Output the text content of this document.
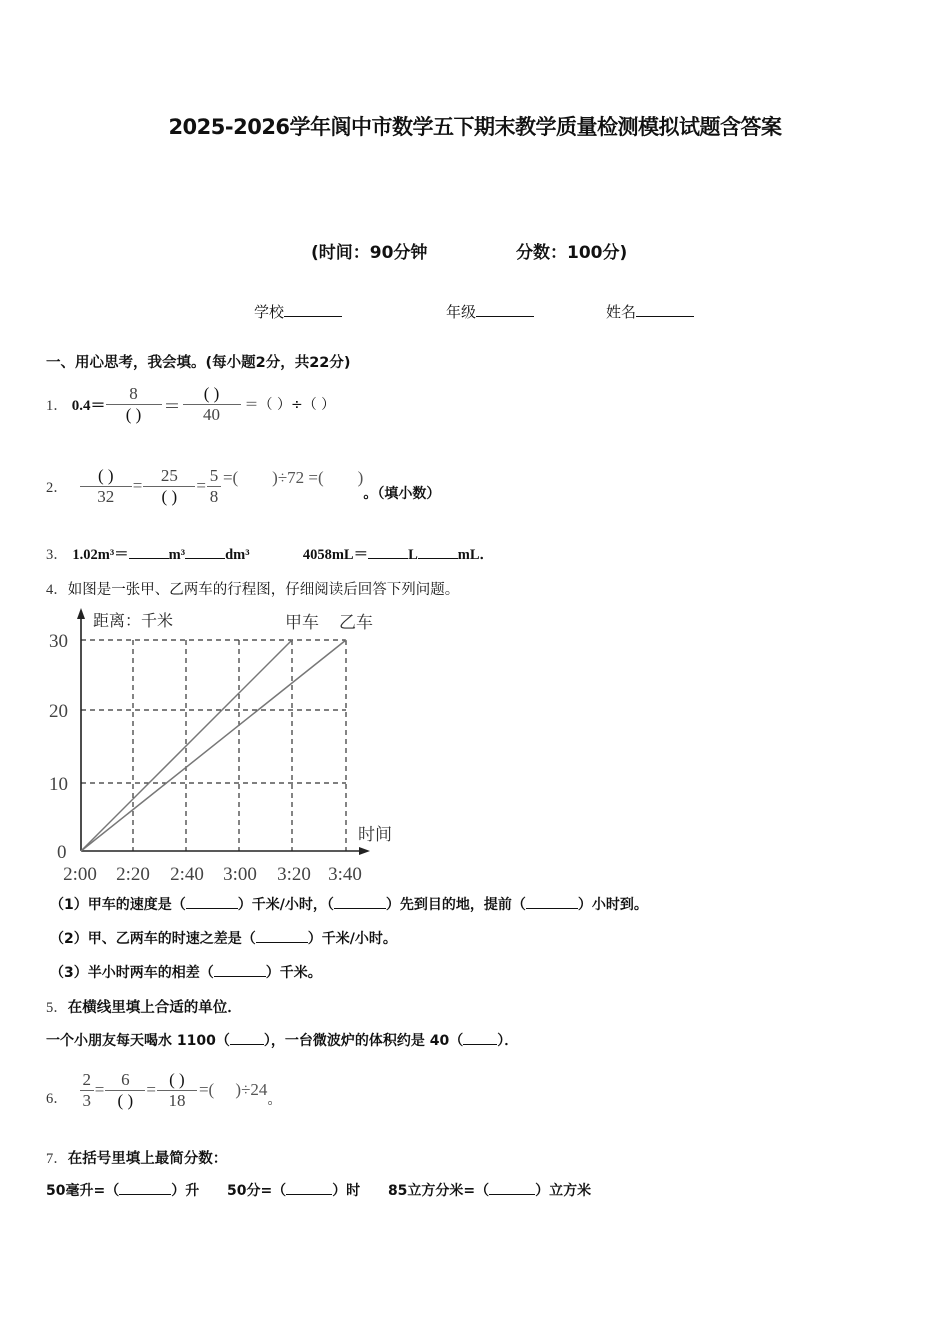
2025-2026学年阆中市数学五下期末教学质量检测模拟试题含答案
(时间：90分钟	分数：100分)
学校	年级	姓名
一、用心思考，我会填。(每小题2分，共22分)
1． $0.4= \frac{8}{( )} = \frac{( )}{40}$ ＝（ ）÷（ ）
2． $\frac{( )}{32} = \frac{25}{( )} = \frac{5}{8}$ =(        )÷72 =(        )
。（填小数）
3． 1.02m³＝	m³	dm³	4058mL＝	L	mL．
4．如图是一张甲、乙两车的行程图，仔细阅读后回答下列问题。
距离：千米	甲车 乙车
时间
30
20
10
0
2:00 2:20 2:40 3:00 3:20 3:40
（1）甲车的速度是（	）千米/小时，（	）先到目的地，提前（	）小时到。
（2）甲、乙两车的时速之差是（	）千米/小时。
（3）半小时两车的相差（	）千米。
5．在横线里填上合适的单位．
一个小朋友每天喝水 1100（ ），一台微波炉的体积约是 40（ ）．
6． $\frac{2}{3} = \frac{6}{( )} = \frac{( )}{18}$ =(     )÷24
。
7．在括号里填上最简分数：
50毫升=（	）升 50分=（	）时 85立方分米=（	）立方米
